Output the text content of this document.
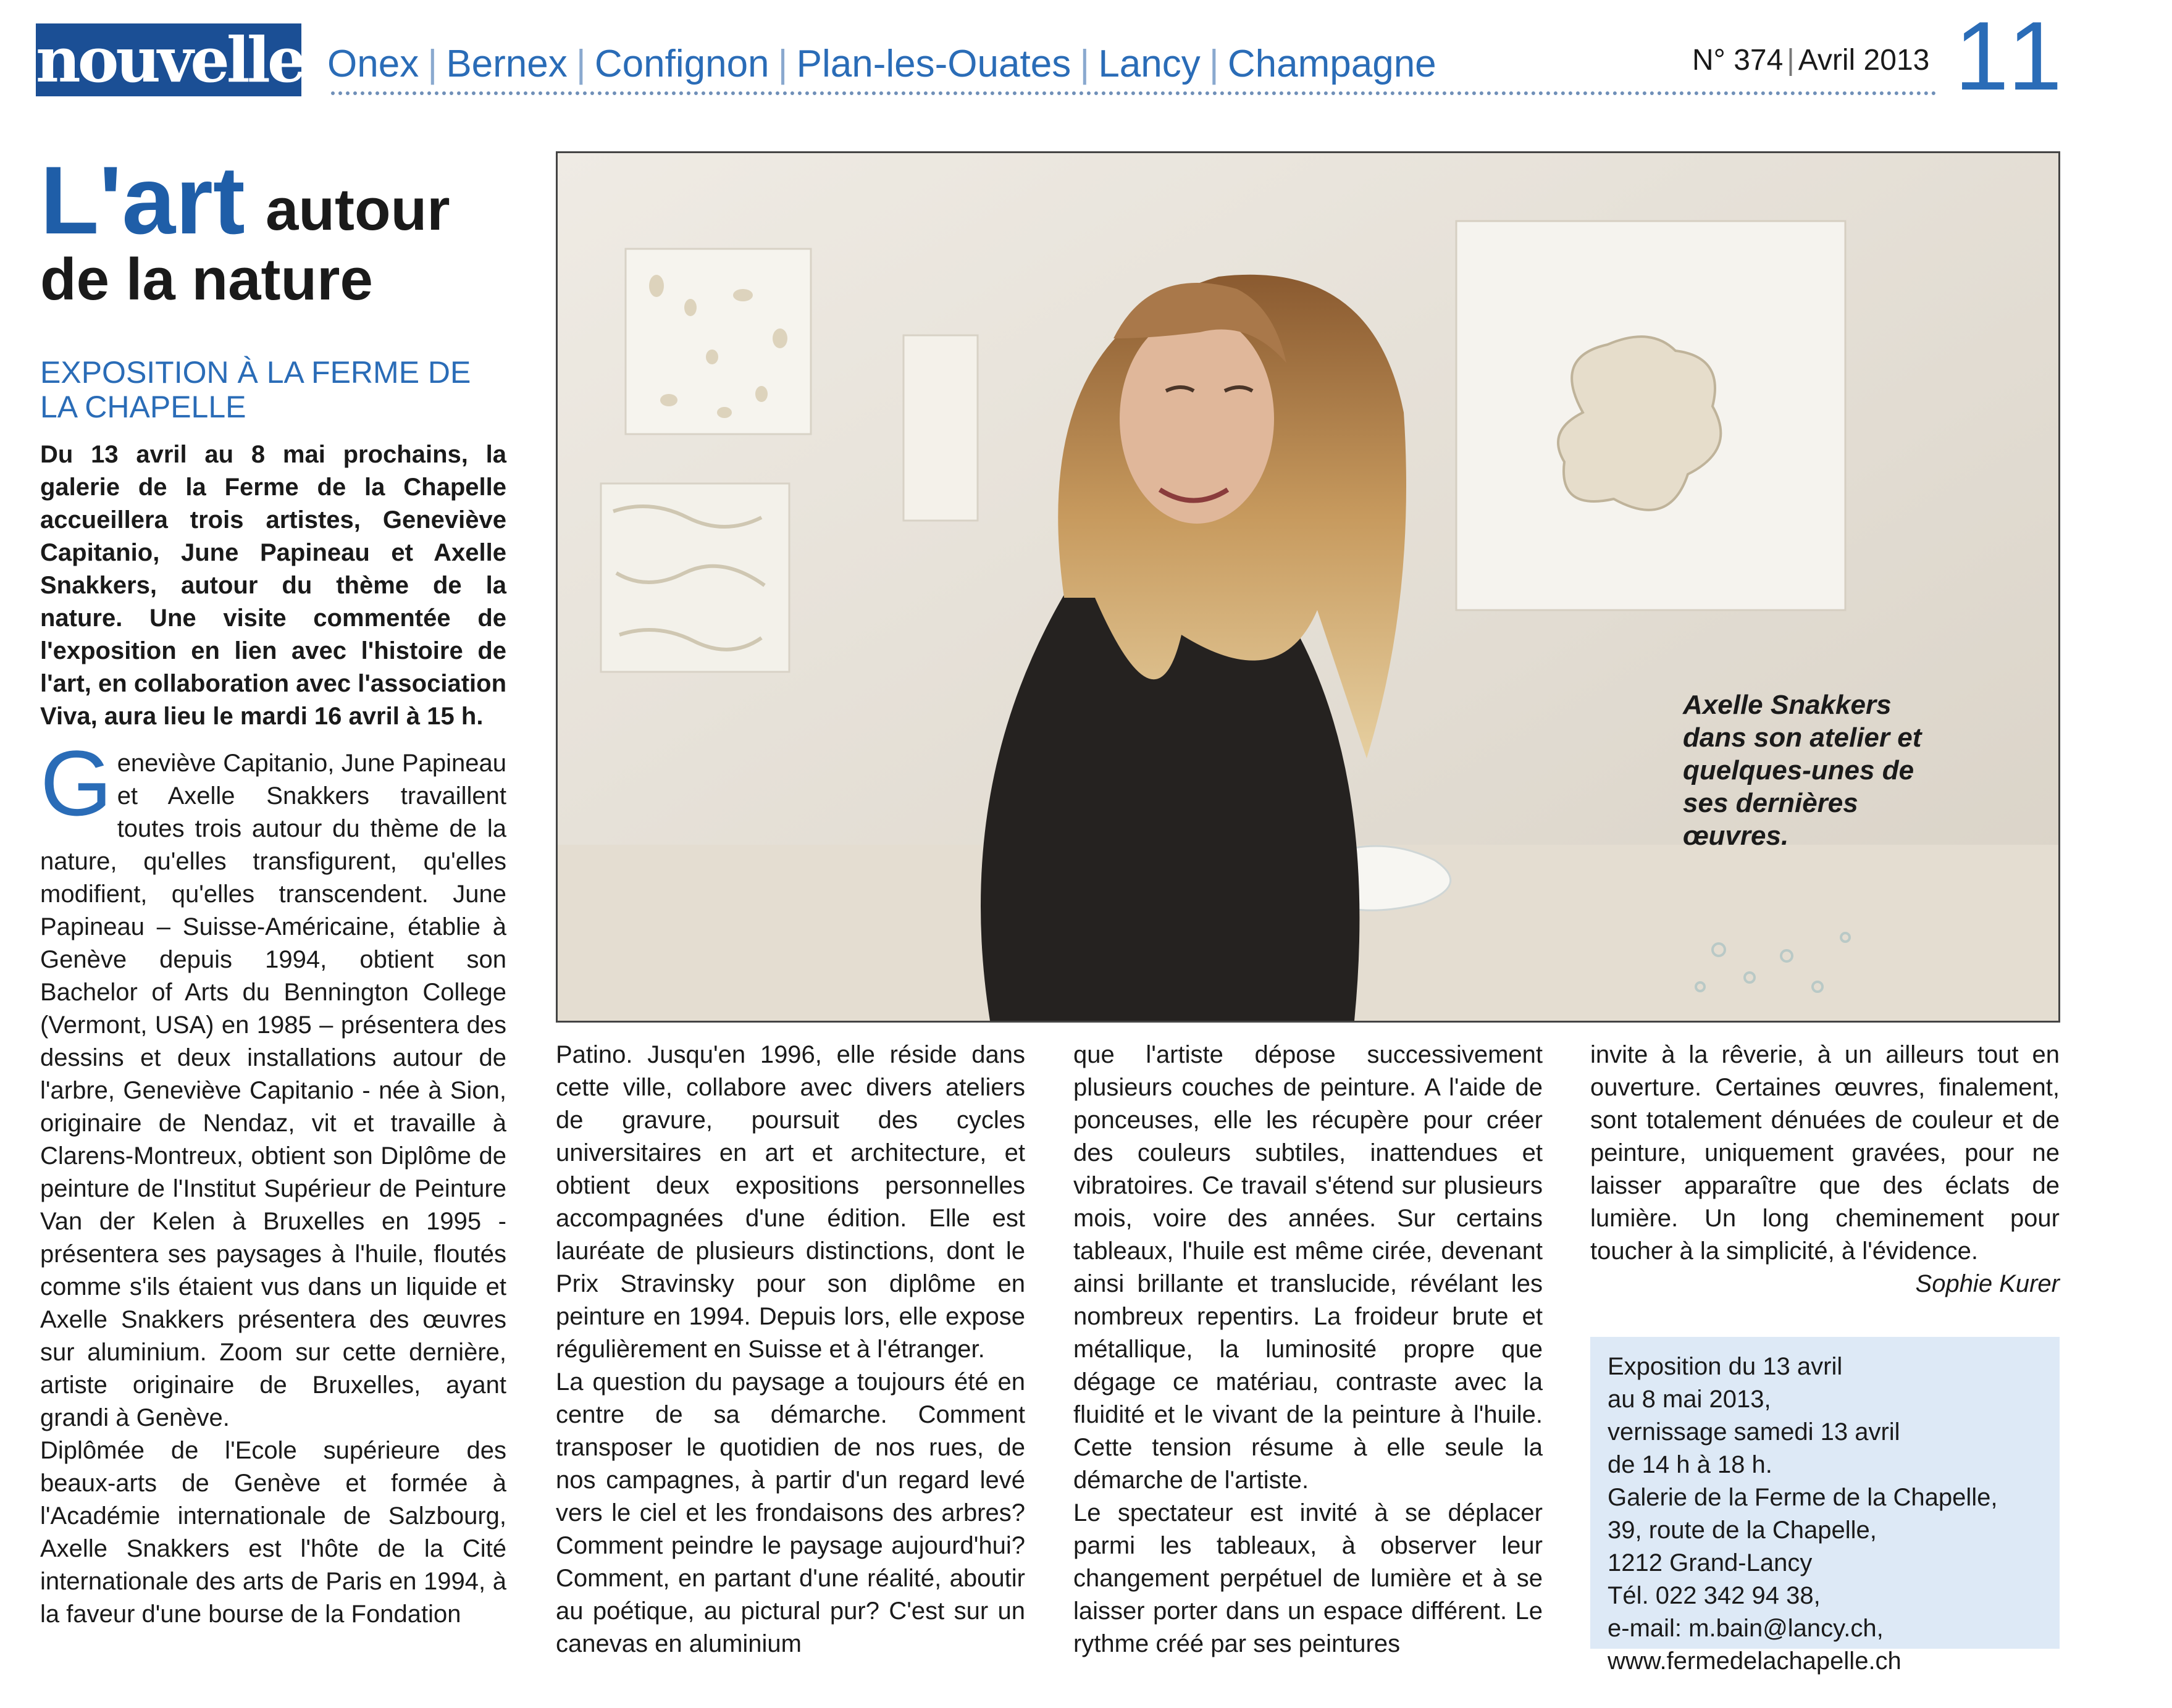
nouvelles
Onex | Bernex | Confignon | Plan-les-Ouates | Lancy | Champagne	N° 374 | Avril 2013 11
L'art autour
de la nature
EXPOSITION À LA FERME DE LA CHAPELLE
Du 13 avril au 8 mai prochains, la galerie de la Ferme de la Chapelle accueillera trois artistes, Geneviève Capitanio, June Papineau et Axelle Snakkers, autour du thème de la nature. Une visite commentée de l'exposition en lien avec l'histoire de l'art, en collaboration avec l'association Viva, aura lieu le mardi 16 avril à 15 h.

Geneviève Capitanio, June Papineau et Axelle Snakkers travaillent toutes trois autour du thème de la nature, qu'elles transfigurent, qu'elles modifient, qu'elles transcendent. June Papineau – Suisse-Américaine, établie à Genève depuis 1994, obtient son Bachelor of Arts du Bennington College (Vermont, USA) en 1985 – présentera des dessins et deux installations autour de l'arbre, Geneviève Capitanio - née à Sion, originaire de Nendaz, vit et travaille à Clarens-Montreux, obtient son Diplôme de peinture de l'Institut Supérieur de Peinture Van der Kelen à Bruxelles en 1995 - présentera ses paysages à l'huile, floutés comme s'ils étaient vus dans un liquide et Axelle Snakkers présentera des œuvres sur aluminium. Zoom sur cette dernière, artiste originaire de Bruxelles, ayant grandi à Genève.

Diplômée de l'Ecole supérieure des beaux-arts de Genève et formée à l'Académie internationale de Salzbourg, Axelle Snakkers est l'hôte de la Cité internationale des arts de Paris en 1994, à la faveur d'une bourse de la Fondation

Axelle Snakkers dans son atelier et quelques-unes de ses dernières œuvres.

Patino. Jusqu'en 1996, elle réside dans cette ville, collabore avec divers ateliers de gravure, poursuit des cycles universitaires en art et architecture, et obtient deux expositions personnelles accompagnées d'une édition. Elle est lauréate de plusieurs distinctions, dont le Prix Stravinsky pour son diplôme en peinture en 1994. Depuis lors, elle expose régulièrement en Suisse et à l'étranger.

La question du paysage a toujours été en centre de sa démarche. Comment transposer le quotidien de nos rues, de nos campagnes, à partir d'un regard levé vers le ciel et les frondaisons des arbres? Comment peindre le paysage aujourd'hui? Comment, en partant d'une réalité, aboutir au poétique, au pictural pur? C'est sur un canevas en aluminium

que l'artiste dépose successivement plusieurs couches de peinture. A l'aide de ponceuses, elle les récupère pour créer des couleurs subtiles, inattendues et vibratoires. Ce travail s'étend sur plusieurs mois, voire des années. Sur certains tableaux, l'huile est même cirée, devenant ainsi brillante et translucide, révélant les nombreux repentirs. La froideur brute et métallique, la luminosité propre que dégage ce matériau, contraste avec la fluidité et le vivant de la peinture à l'huile. Cette tension résume à elle seule la démarche de l'artiste.

Le spectateur est invité à se déplacer parmi les tableaux, à observer leur changement perpétuel de lumière et à se laisser porter dans un espace différent. Le rythme créé par ses peintures

invite à la rêverie, à un ailleurs tout en ouverture. Certaines œuvres, finalement, sont totalement dénuées de couleur et de peinture, uniquement gravées, pour ne laisser apparaître que des éclats de lumière. Un long cheminement pour toucher à la simplicité, à l'évidence.

Sophie Kurer

Exposition du 13 avril
au 8 mai 2013,
vernissage samedi 13 avril
de 14 h à 18 h.
Galerie de la Ferme de la Chapelle,
39, route de la Chapelle,
1212 Grand-Lancy
Tél. 022 342 94 38,
e-mail: m.bain@lancy.ch,
www.fermedelachapelle.ch
